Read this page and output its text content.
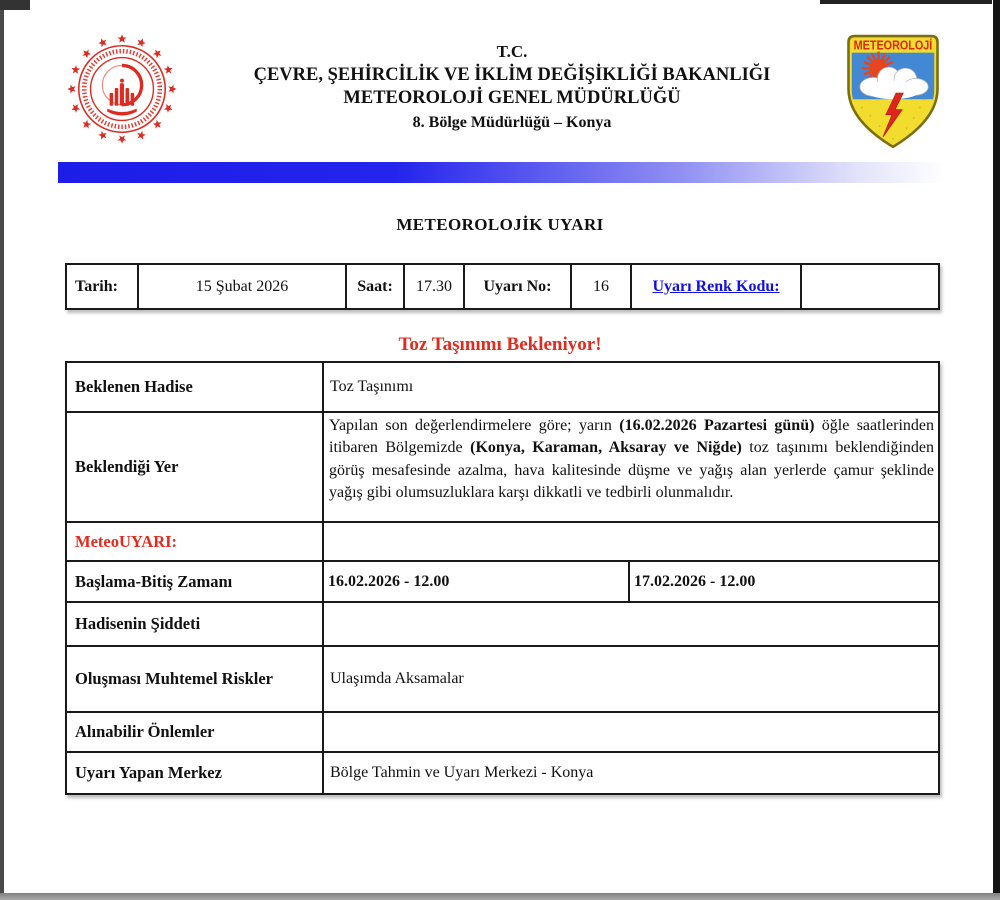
T.C.
ÇEVRE, ŞEHİRCİLİK VE İKLİM DEĞİŞİKLİĞİ BAKANLIĞI
METEOROLOJİ GENEL MÜDÜRLÜĞÜ
8. Bölge Müdürlüğü – Konya
METEOROLOJİ
METEOROLOJİK UYARI
Tarih:	15 Şubat 2026	Saat:	17.30	Uyarı No:	16	Uyarı Renk Kodu:	
Toz Taşınımı Bekleniyor!
Beklenen Hadise	Toz Taşınımı	
Beklendiği Yer	Yapılan son değerlendirmelere göre; yarın (16.02.2026 Pazartesi günü) öğle saatlerinden itibaren Bölgemizde (Konya, Karaman, Aksaray ve Niğde) toz taşınımı beklendiğinden görüş mesafesinde azalma, hava kalitesinde düşme ve yağış alan yerlerde çamur şeklinde yağış gibi olumsuzluklara karşı dikkatli ve tedbirli olunmalıdır.	
MeteoUYARI:		
Başlama-Bitiş Zamanı	16.02.2026 - 12.00	17.02.2026 - 12.00
Hadisenin Şiddeti		
Oluşması Muhtemel Riskler	Ulaşımda Aksamalar	
Alınabilir Önlemler		
Uyarı Yapan Merkez	Bölge Tahmin ve Uyarı Merkezi - Konya	
